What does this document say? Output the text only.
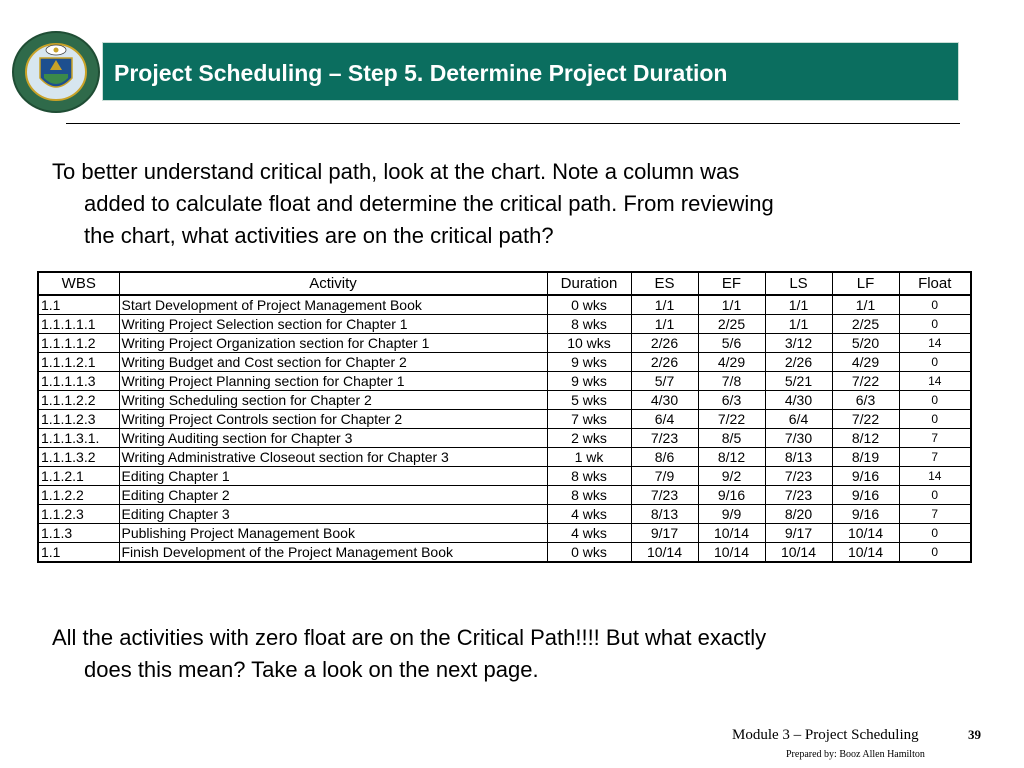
Project Scheduling – Step 5. Determine Project Duration
To better understand critical path, look at the chart. Note a column was
added to calculate float and determine the critical path. From reviewing
the chart, what activities are on the critical path?
WBS	Activity	Duration	ES	EF	LS	LF	Float
1.1	Start Development of Project Management Book	0 wks	1/1	1/1	1/1	1/1	0
1.1.1.1.1	Writing Project Selection section for Chapter 1	8 wks	1/1	2/25	1/1	2/25	0
1.1.1.1.2	Writing Project Organization section for Chapter 1	10 wks	2/26	5/6	3/12	5/20	14
1.1.1.2.1	Writing Budget and Cost section for Chapter 2	9 wks	2/26	4/29	2/26	4/29	0
1.1.1.1.3	Writing Project Planning section for Chapter 1	9 wks	5/7	7/8	5/21	7/22	14
1.1.1.2.2	Writing Scheduling section for Chapter 2	5 wks	4/30	6/3	4/30	6/3	0
1.1.1.2.3	Writing Project Controls section for Chapter 2	7 wks	6/4	7/22	6/4	7/22	0
1.1.1.3.1.	Writing Auditing section for Chapter 3	2 wks	7/23	8/5	7/30	8/12	7
1.1.1.3.2	Writing Administrative Closeout section for Chapter 3	1 wk	8/6	8/12	8/13	8/19	7
1.1.2.1	Editing Chapter 1	8 wks	7/9	9/2	7/23	9/16	14
1.1.2.2	Editing Chapter 2	8 wks	7/23	9/16	7/23	9/16	0
1.1.2.3	Editing Chapter 3	4 wks	8/13	9/9	8/20	9/16	7
1.1.3	Publishing Project Management Book	4 wks	9/17	10/14	9/17	10/14	0
1.1	Finish Development of the Project Management Book	0 wks	10/14	10/14	10/14	10/14	0
All the activities with zero float are on the Critical Path!!!! But what exactly
does this mean? Take a look on the next page.
Module 3 – Project Scheduling	39
Prepared by: Booz Allen Hamilton
